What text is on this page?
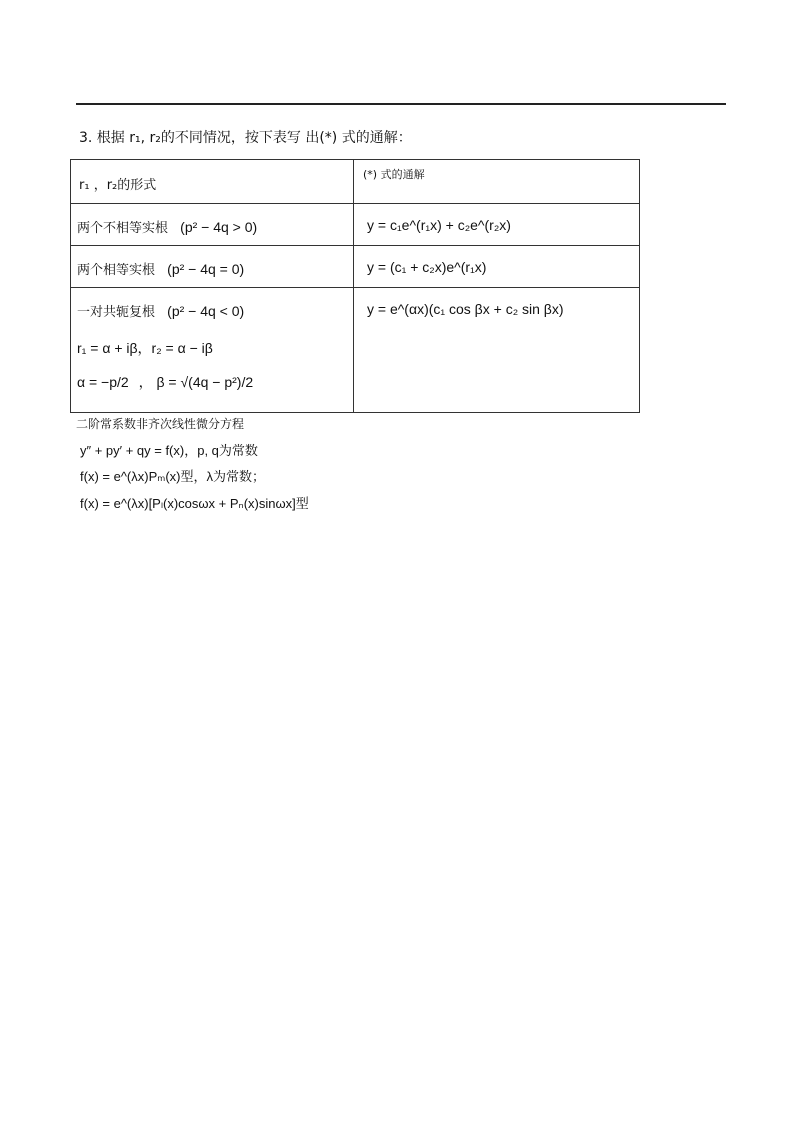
3. 根据 r₁, r₂的不同情况，按下表写 出(*) 式的通解：
r₁ ，r₂的形式
(*) 式的通解
两个不相等实根 (p² − 4q > 0)	y = c₁e^(r₁x) + c₂e^(r₂x)
两个相等实根 (p² − 4q = 0)	y = (c₁ + c₂x)e^(r₁x)
一对共轭复根 (p² − 4q < 0)
r₁ = α + iβ，r₂ = α − iβ
α = −p/2 ， β = √(4q − p²)/2
y = e^(αx)(c₁ cos βx + c₂ sin βx)
二阶常系数非齐次线性微分方程
y″ + py′ + qy = f(x)，p, q为常数
f(x) = e^(λx)Pₘ(x)型，λ为常数；
f(x) = e^(λx)[Pₗ(x)cosωx + Pₙ(x)sinωx]型
